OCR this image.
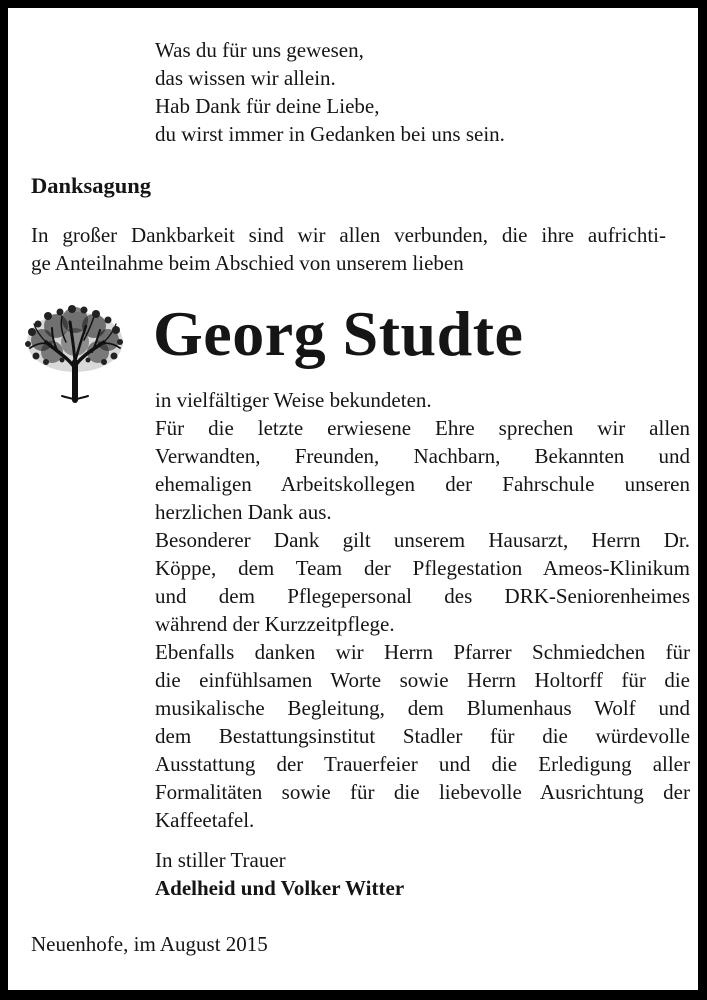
Was du für uns gewesen,
das wissen wir allein.
Hab Dank für deine Liebe,
du wirst immer in Gedanken bei uns sein.
Danksagung
In großer Dankbarkeit sind wir allen verbunden, die ihre aufrichti-
ge Anteilnahme beim Abschied von unserem lieben
Georg Studte
in vielfältiger Weise bekundeten.
Für die letzte erwiesene Ehre sprechen wir allen
Verwandten, Freunden, Nachbarn, Bekannten und
ehemaligen Arbeitskollegen der Fahrschule unseren
herzlichen Dank aus.
Besonderer Dank gilt unserem Hausarzt, Herrn Dr.
Köppe, dem Team der Pflegestation Ameos-Klinikum
und dem Pflegepersonal des DRK-Seniorenheimes
während der Kurzzeitpflege.
Ebenfalls danken wir Herrn Pfarrer Schmiedchen für
die einfühlsamen Worte sowie Herrn Holtorff für die
musikalische Begleitung, dem Blumenhaus Wolf und
dem Bestattungsinstitut Stadler für die würdevolle
Ausstattung der Trauerfeier und die Erledigung aller
Formalitäten sowie für die liebevolle Ausrichtung der
Kaffeetafel.
In stiller Trauer
Adelheid und Volker Witter
Neuenhofe, im August 2015
